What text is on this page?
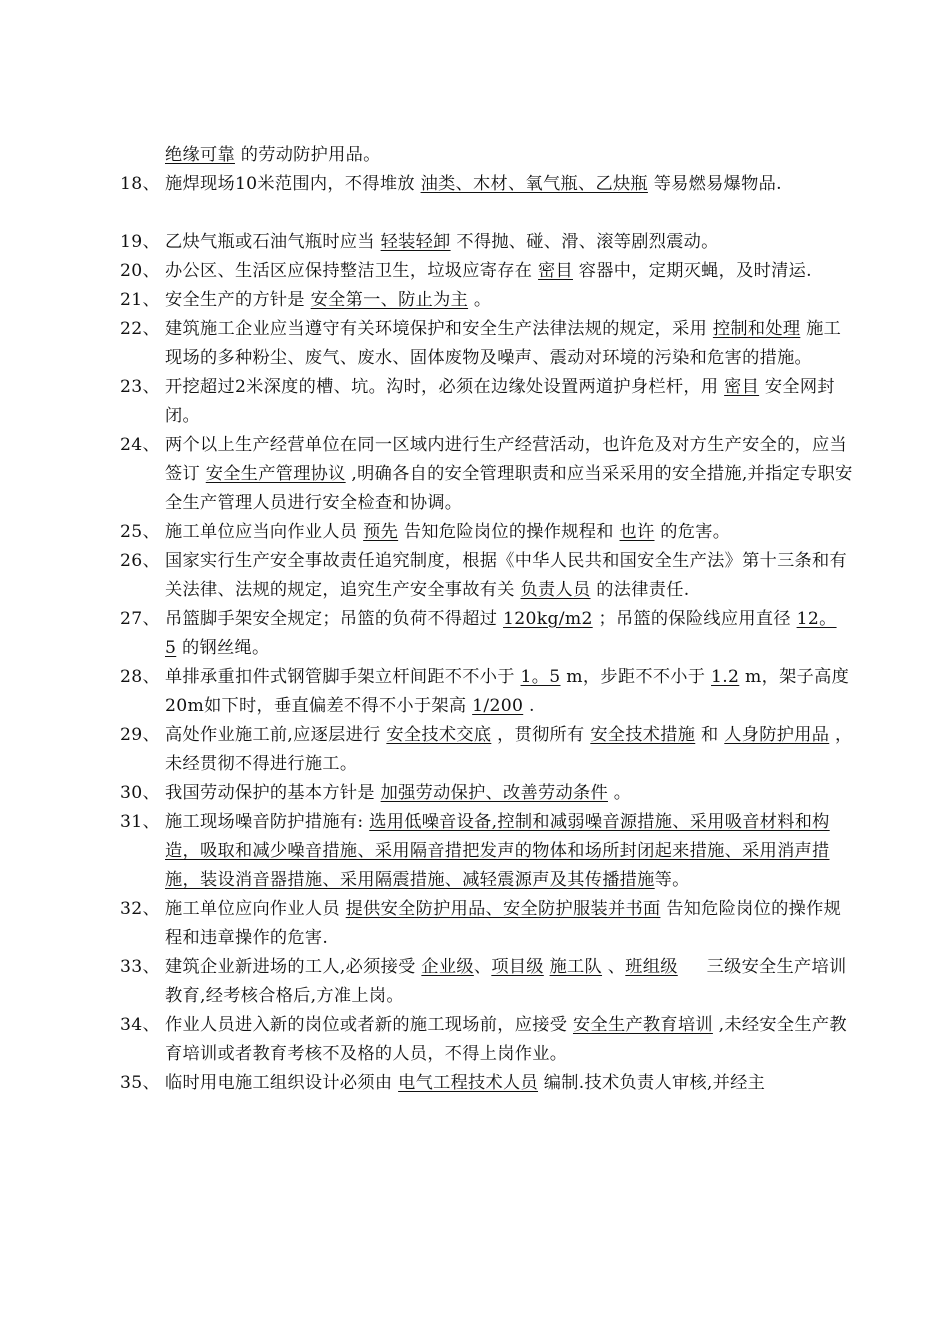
绝缘可靠 的劳动防护用品。

18、 施焊现场10米范围内，不得堆放 油类、木材、氧气瓶、乙炔瓶 等易燃易爆物品.

19、 乙炔气瓶或石油气瓶时应当 轻装轻卸 不得抛、碰、滑、滚等剧烈震动。

20、 办公区、生活区应保持整洁卫生，垃圾应寄存在 密目 容器中，定期灭蝇，及时清运.

21、 安全生产的方针是 安全第一、防止为主 。

22、 建筑施工企业应当遵守有关环境保护和安全生产法律法规的规定，采用 控制和处理 施工现场的多种粉尘、废气、废水、固体废物及噪声、震动对环境的污染和危害的措施。

23、 开挖超过2米深度的槽、坑。沟时，必须在边缘处设置两道护身栏杆，用 密目 安全网封闭。

24、 两个以上生产经营单位在同一区域内进行生产经营活动，也许危及对方生产安全的，应当签订 安全生产管理协议 ,明确各自的安全管理职责和应当采采用的安全措施,并指定专职安全生产管理人员进行安全检查和协调。

25、 施工单位应当向作业人员 预先 告知危险岗位的操作规程和 也许 的危害。

26、 国家实行生产安全事故责任追究制度，根据《中华人民共和国安全生产法》第十三条和有关法律、法规的规定，追究生产安全事故有关 负责人员 的法律责任.

27、 吊篮脚手架安全规定；吊篮的负荷不得超过 120kg/m2 ；吊篮的保险线应用直径 12。5 的钢丝绳。

28、 单排承重扣件式钢管脚手架立杆间距不不小于 1。5 m，步距不不小于 1.2 m，架子高度20m如下时，垂直偏差不得不小于架高 1/200 .

29、 高处作业施工前,应逐层进行 安全技术交底 ，贯彻所有 安全技术措施 和 人身防护用品 ，未经贯彻不得进行施工。

30、 我国劳动保护的基本方针是 加强劳动保护、改善劳动条件 。

31、 施工现场噪音防护措施有: 选用低噪音设备,控制和减弱噪音源措施、采用吸音材料和构造，吸取和减少噪音措施、采用隔音措把发声的物体和场所封闭起来措施、采用消声措施，装设消音器措施、采用隔震措施、减轻震源声及其传播措施等。

32、 施工单位应向作业人员 提供安全防护用品、安全防护服装并书面 告知危险岗位的操作规程和违章操作的危害.

33、 建筑企业新进场的工人,必须接受 企业级、项目级 施工队 、班组级 三级安全生产培训教育,经考核合格后,方准上岗。

34、 作业人员进入新的岗位或者新的施工现场前，应接受 安全生产教育培训 ,未经安全生产教育培训或者教育考核不及格的人员，不得上岗作业。

35、 临时用电施工组织设计必须由 电气工程技术人员 编制.技术负责人审核,并经主
